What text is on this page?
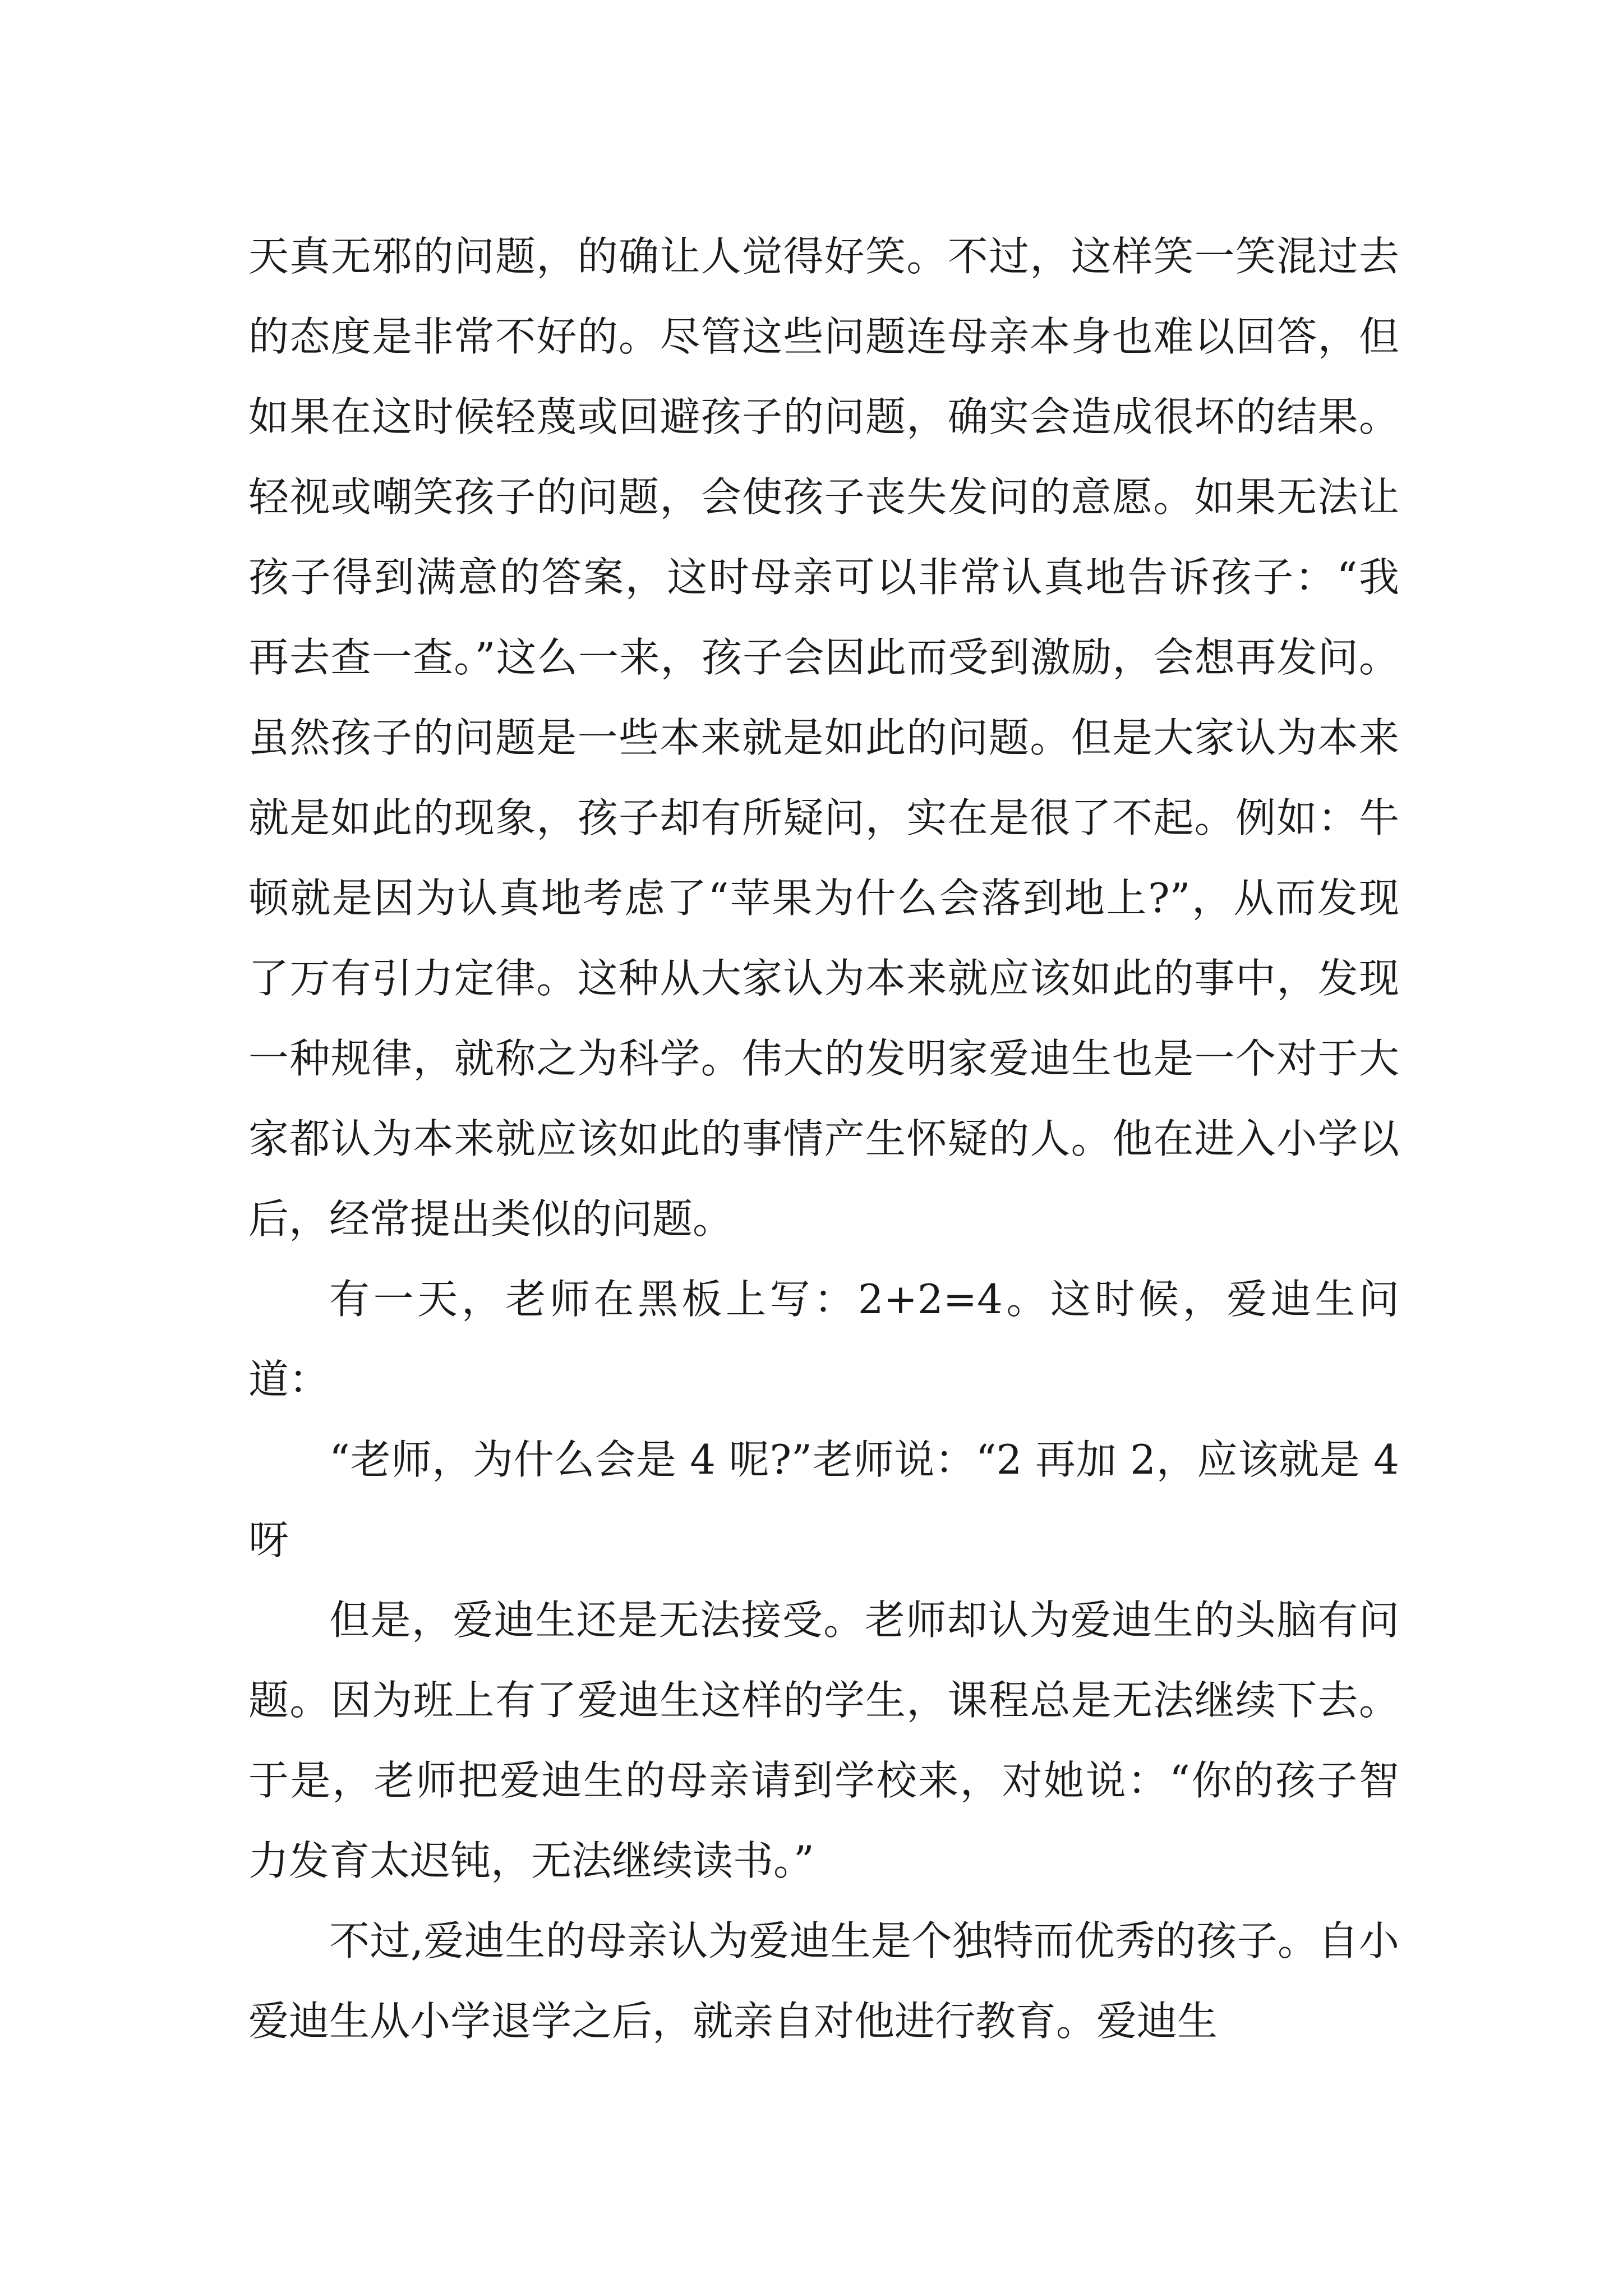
天真无邪的问题，的确让人觉得好笑。不过，这样笑一笑混过去的态度是非常不好的。尽管这些问题连母亲本身也难以回答，但如果在这时候轻蔑或回避孩子的问题，确实会造成很坏的结果。轻视或嘲笑孩子的问题，会使孩子丧失发问的意愿。如果无法让孩子得到满意的答案，这时母亲可以非常认真地告诉孩子：“我再去查一查。”这么一来，孩子会因此而受到激励，会想再发问。虽然孩子的问题是一些本来就是如此的问题。但是大家认为本来就是如此的现象，孩子却有所疑问，实在是很了不起。例如：牛顿就是因为认真地考虑了“苹果为什么会落到地上?”，从而发现了万有引力定律。这种从大家认为本来就应该如此的事中，发现一种规律，就称之为科学。伟大的发明家爱迪生也是一个对于大家都认为本来就应该如此的事情产生怀疑的人。他在进入小学以后，经常提出类似的问题。

有一天，老师在黑板上写：2+2=4。这时候，爱迪生问道：

“老师，为什么会是 4 呢?”老师说：“2 再加 2，应该就是 4 呀

但是，爱迪生还是无法接受。老师却认为爱迪生的头脑有问题。因为班上有了爱迪生这样的学生，课程总是无法继续下去。于是，老师把爱迪生的母亲请到学校来，对她说：“你的孩子智力发育太迟钝，无法继续读书。”

不过,爱迪生的母亲认为爱迪生是个独特而优秀的孩子。自小爱迪生从小学退学之后，就亲自对他进行教育。爱迪生
